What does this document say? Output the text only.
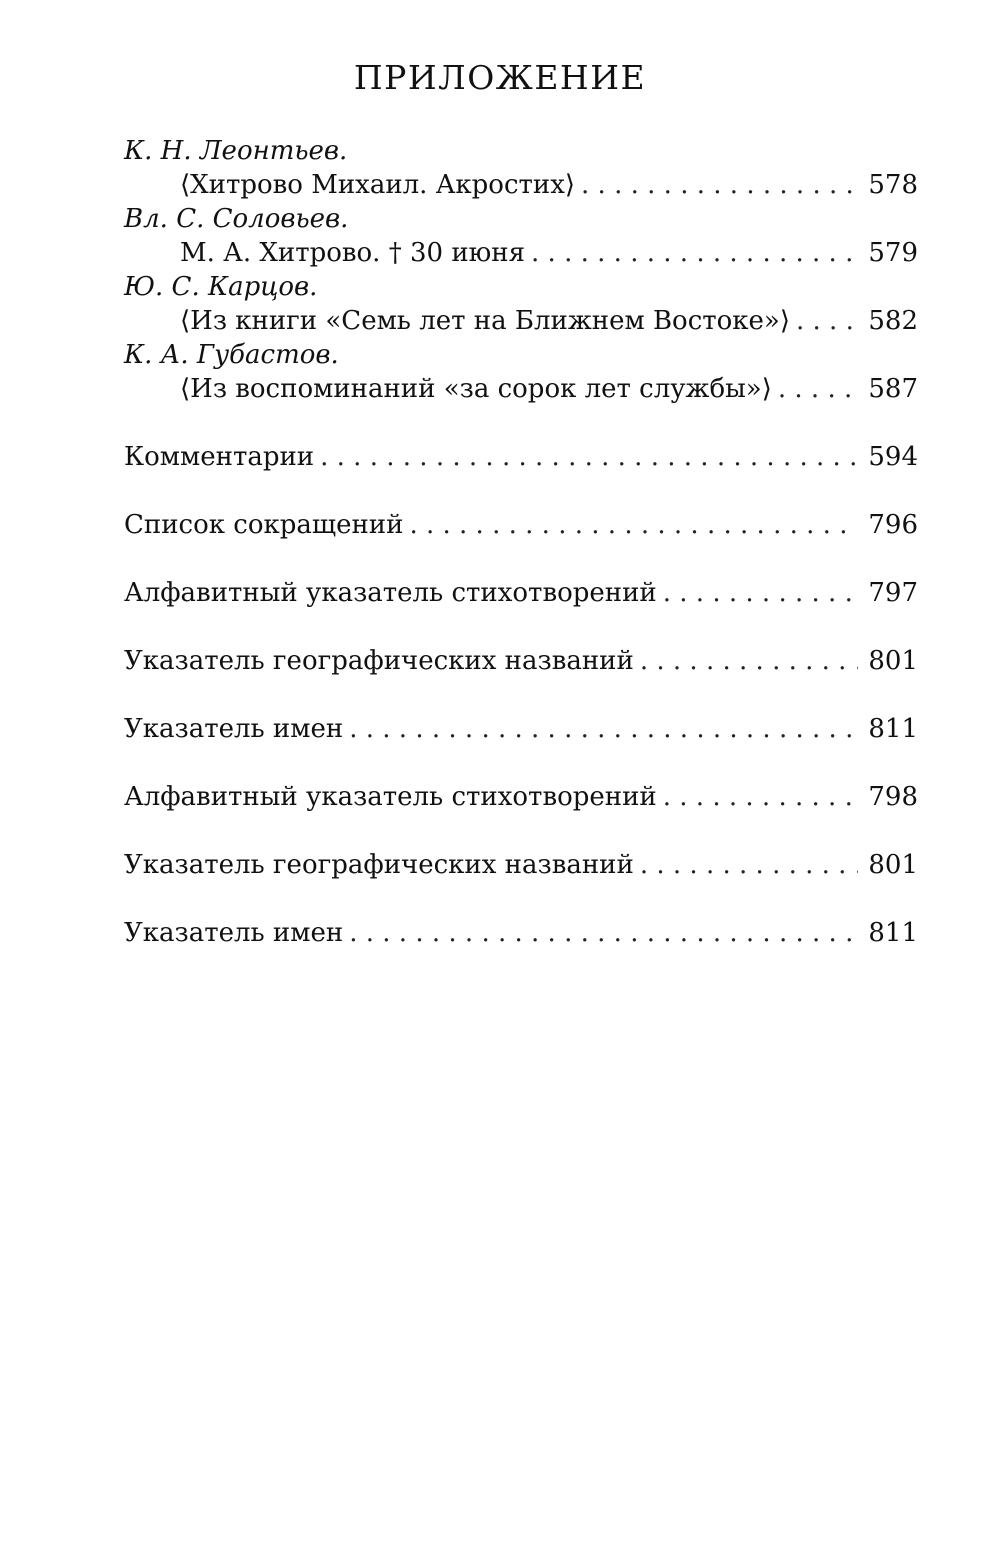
ПРИЛОЖЕНИЕ
К. Н. Леонтьев.
⟨Хитрово Михаил. Акростих⟩ . . .	578
Вл. С. Соловьев.
М. А. Хитрово. † 30 июня . . .	579
Ю. С. Карцов.
⟨Из книги «Семь лет на Ближнем Востоке»⟩ . . .	582
К. А. Губастов.
⟨Из воспоминаний «за сорок лет службы»⟩ . . .	587
Комментарии . . .	594
Список сокращений . . .	796
Алфавитный указатель стихотворений . . .	797
Указатель географических названий . . .	801
Указатель имен . . .	811
Алфавитный указатель стихотворений . . .	798
Указатель географических названий . . .	801
Указатель имен . . .	811
